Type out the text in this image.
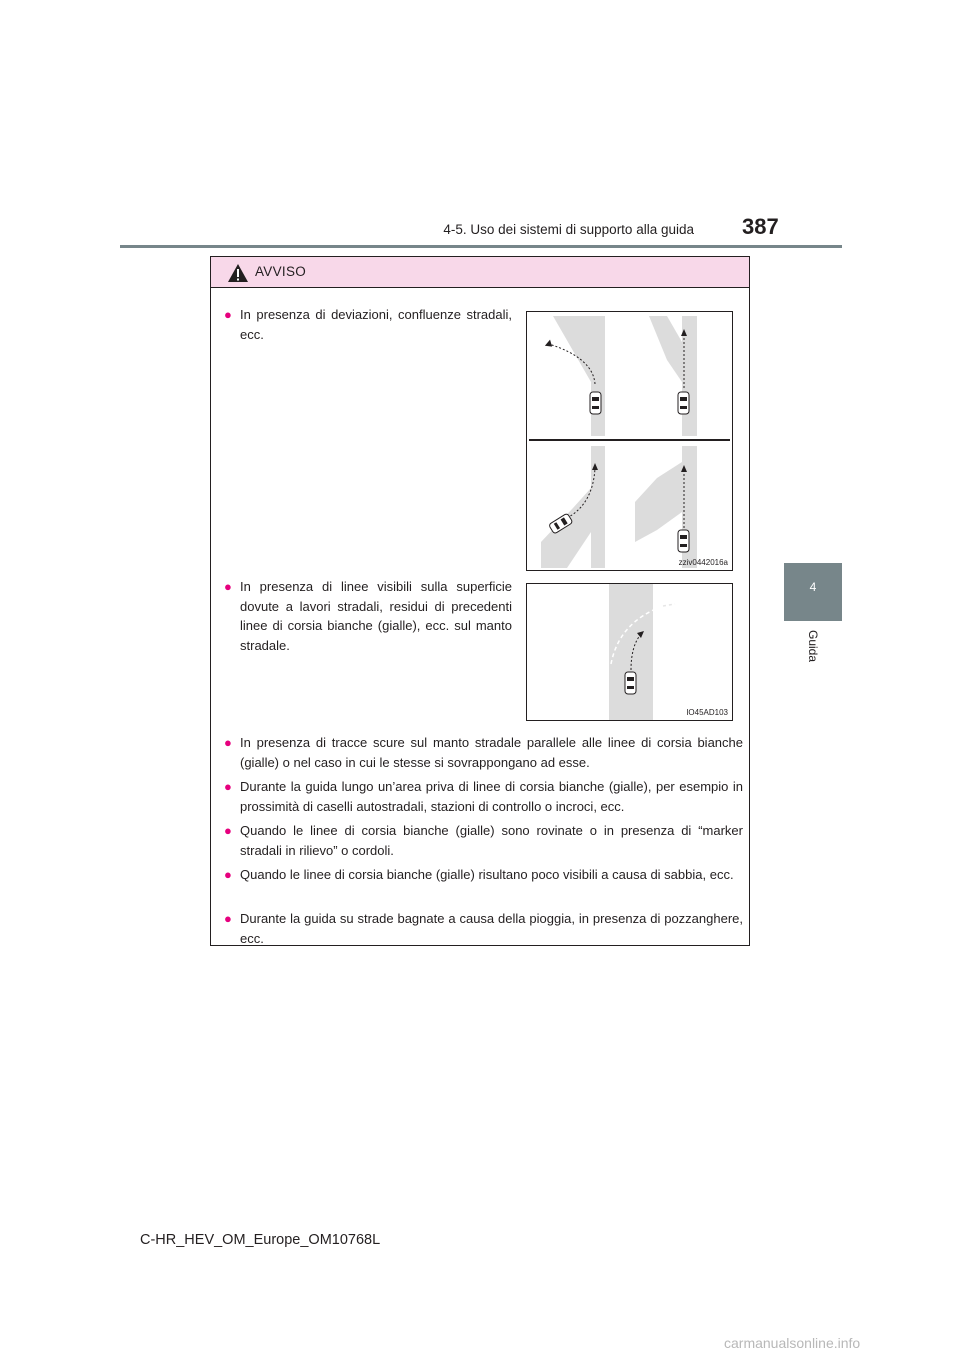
4-5. Uso dei sistemi di supporto alla guida 387
4
Guida
AVVISO
● In presenza di deviazioni, confluenze stradali, ecc.
zziv0442016a
● In presenza di linee visibili sulla superficie dovute a lavori stradali, residui di precedenti linee di corsia bianche (gialle), ecc. sul manto stradale.
IO45AD103
● In presenza di tracce scure sul manto stradale parallele alle linee di corsia bianche (gialle) o nel caso in cui le stesse si sovrappongano ad esse.
● Durante la guida lungo un’area priva di linee di corsia bianche (gialle), per esempio in prossimità di caselli autostradali, stazioni di controllo o incroci, ecc.
● Quando le linee di corsia bianche (gialle) sono rovinate o in presenza di “marker stradali in rilievo” o cordoli.
● Quando le linee di corsia bianche (gialle) risultano poco visibili a causa di sabbia, ecc.
● Durante la guida su strade bagnate a causa della pioggia, in presenza di pozzanghere, ecc.
C-HR_HEV_OM_Europe_OM10768L
carmanualsonline.info
